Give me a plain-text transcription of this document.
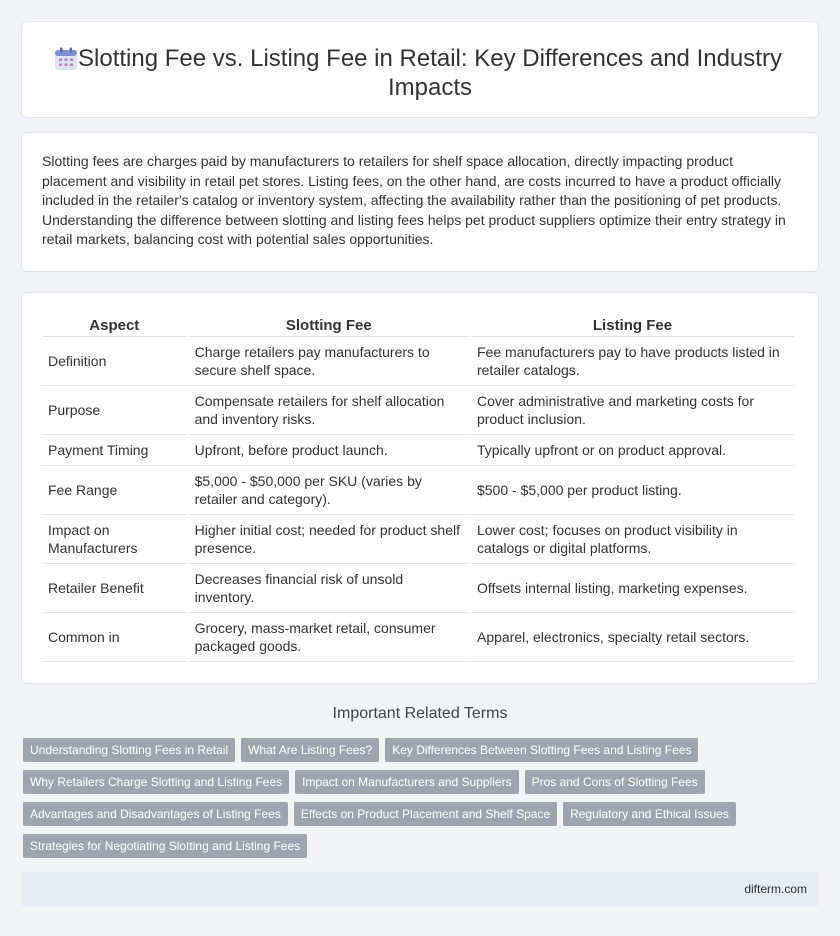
Slotting Fee vs. Listing Fee in Retail: Key Differences and Industry Impacts

Slotting fees are charges paid by manufacturers to retailers for shelf space allocation, directly impacting product placement and visibility in retail pet stores. Listing fees, on the other hand, are costs incurred to have a product officially included in the retailer's catalog or inventory system, affecting the availability rather than the positioning of pet products. Understanding the difference between slotting and listing fees helps pet product suppliers optimize their entry strategy in retail markets, balancing cost with potential sales opportunities.

Aspect	Slotting Fee	Listing Fee
Definition	Charge retailers pay manufacturers to secure shelf space.	Fee manufacturers pay to have products listed in retailer catalogs.
Purpose	Compensate retailers for shelf allocation and inventory risks.	Cover administrative and marketing costs for product inclusion.
Payment Timing	Upfront, before product launch.	Typically upfront or on product approval.
Fee Range	$5,000 - $50,000 per SKU (varies by retailer and category).	$500 - $5,000 per product listing.
Impact on Manufacturers	Higher initial cost; needed for product shelf presence.	Lower cost; focuses on product visibility in catalogs or digital platforms.
Retailer Benefit	Decreases financial risk of unsold inventory.	Offsets internal listing, marketing expenses.
Common in	Grocery, mass-market retail, consumer packaged goods.	Apparel, electronics, specialty retail sectors.
Important Related Terms
Understanding Slotting Fees in Retail	What Are Listing Fees?	Key Differences Between Slotting Fees and Listing Fees
Why Retailers Charge Slotting and Listing Fees	Impact on Manufacturers and Suppliers	Pros and Cons of Slotting Fees
Advantages and Disadvantages of Listing Fees	Effects on Product Placement and Shelf Space	Regulatory and Ethical Issues
Strategies for Negotiating Slotting and Listing Fees
difterm.com
